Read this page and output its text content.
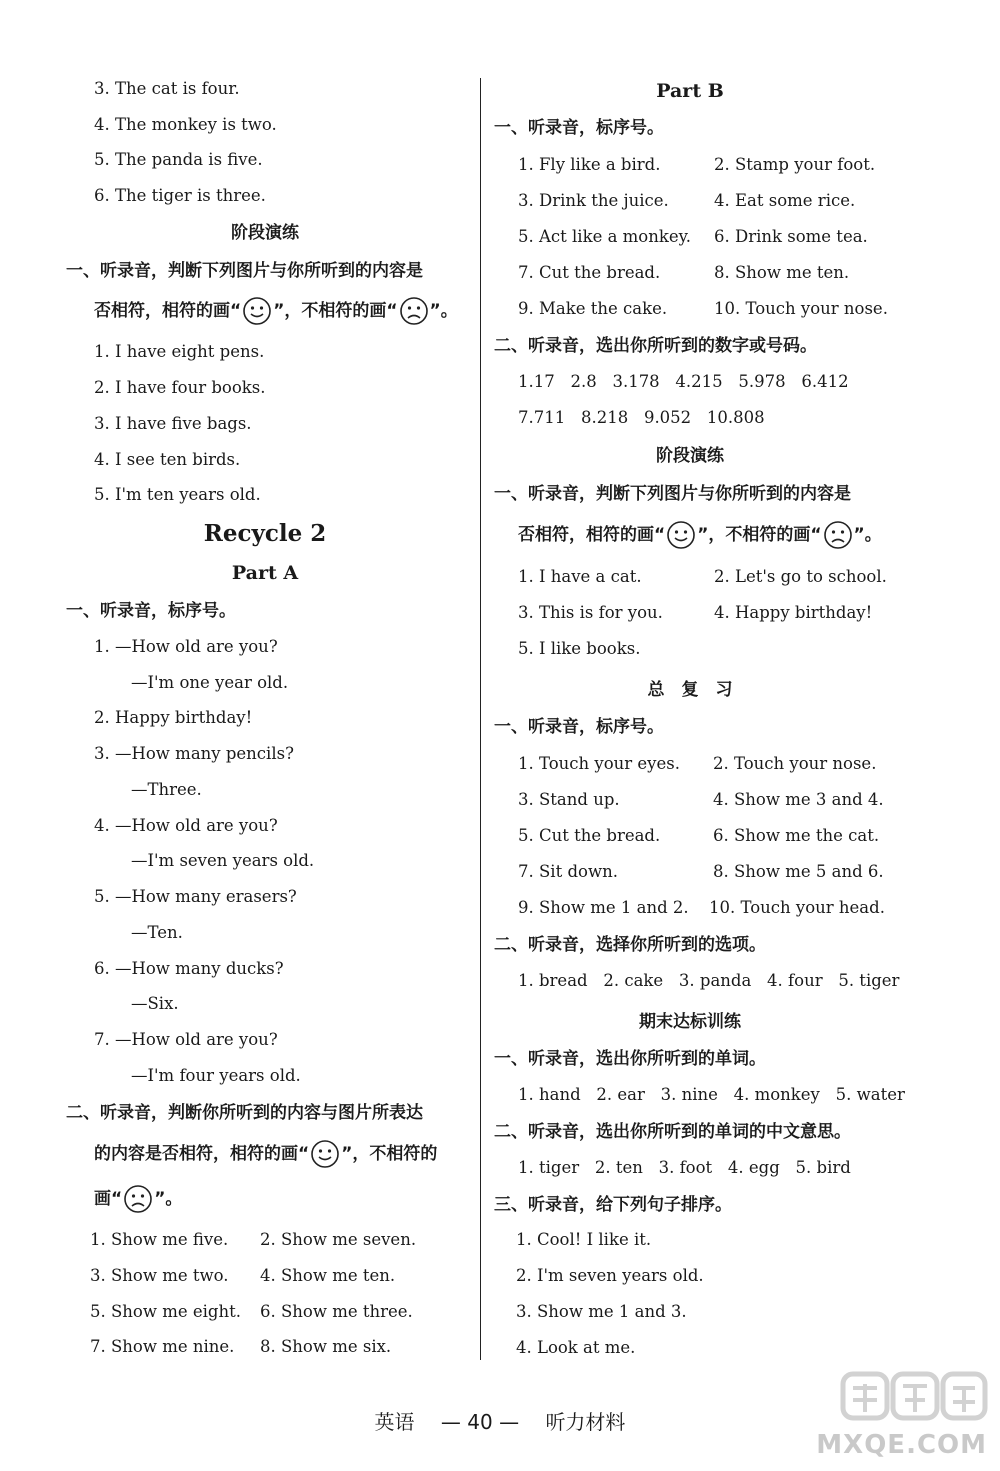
3. The cat is four.
4. The monkey is two.
5. The panda is five.
6. The tiger is three.
阶段演练
一、听录音，判断下列图片与你所听到的内容是
否相符，相符的画“ ”，不相符的画“ ”。
1. I have eight pens.
2. I have four books.
3. I have five bags.
4. I see ten birds.
5. I'm ten years old.
Recycle 2
Part A
一、听录音，标序号。
1. —How old are you?
—I'm one year old.
2. Happy birthday!
3. —How many pencils?
—Three.
4. —How old are you?
—I'm seven years old.
5. —How many erasers?
—Ten.
6. —How many ducks?
—Six.
7. —How old are you?
—I'm four years old.
二、听录音，判断你所听到的内容与图片所表达
的内容是否相符，相符的画“ ”，不相符的
画“ ”。
1. Show me five. 2. Show me seven.
3. Show me two. 4. Show me ten.
5. Show me eight. 6. Show me three.
7. Show me nine. 8. Show me six.
Part B
一、听录音，标序号。
1. Fly like a bird.	2. Stamp your foot.
3. Drink the juice.	4. Eat some rice.
5. Act like a monkey. 6. Drink some tea.
7. Cut the bread.	8. Show me ten.
9. Make the cake.	10. Touch your nose.
二、听录音，选出你所听到的数字或号码。
1.17   2.8   3.178   4.215   5.978   6.412
7.711   8.218   9.052   10.808
阶段演练
一、听录音，判断下列图片与你所听到的内容是
否相符，相符的画“ ”，不相符的画“ ”。
1. I have a cat.	2. Let's go to school.
3. This is for you.	4. Happy birthday!
5. I like books.
总　复　习
一、听录音，标序号。
1. Touch your eyes. 2. Touch your nose.
3. Stand up.	4. Show me 3 and 4.
5. Cut the bread.	6. Show me the cat.
7. Sit down.	8. Show me 5 and 6.
9. Show me 1 and 2. 10. Touch your head.
二、听录音，选择你所听到的选项。
1. bread   2. cake   3. panda   4. four   5. tiger
期末达标训练
一、听录音，选出你所听到的单词。
1. hand   2. ear   3. nine   4. monkey   5. water
二、听录音，选出你所听到的单词的中文意思。
1. tiger   2. ten   3. foot   4. egg   5. bird
三、听录音，给下列句子排序。
1. Cool! I like it.
2. I'm seven years old.
3. Show me 1 and 3.
4. Look at me.
英语 — 40 — 听力材料
MXQE.COM
